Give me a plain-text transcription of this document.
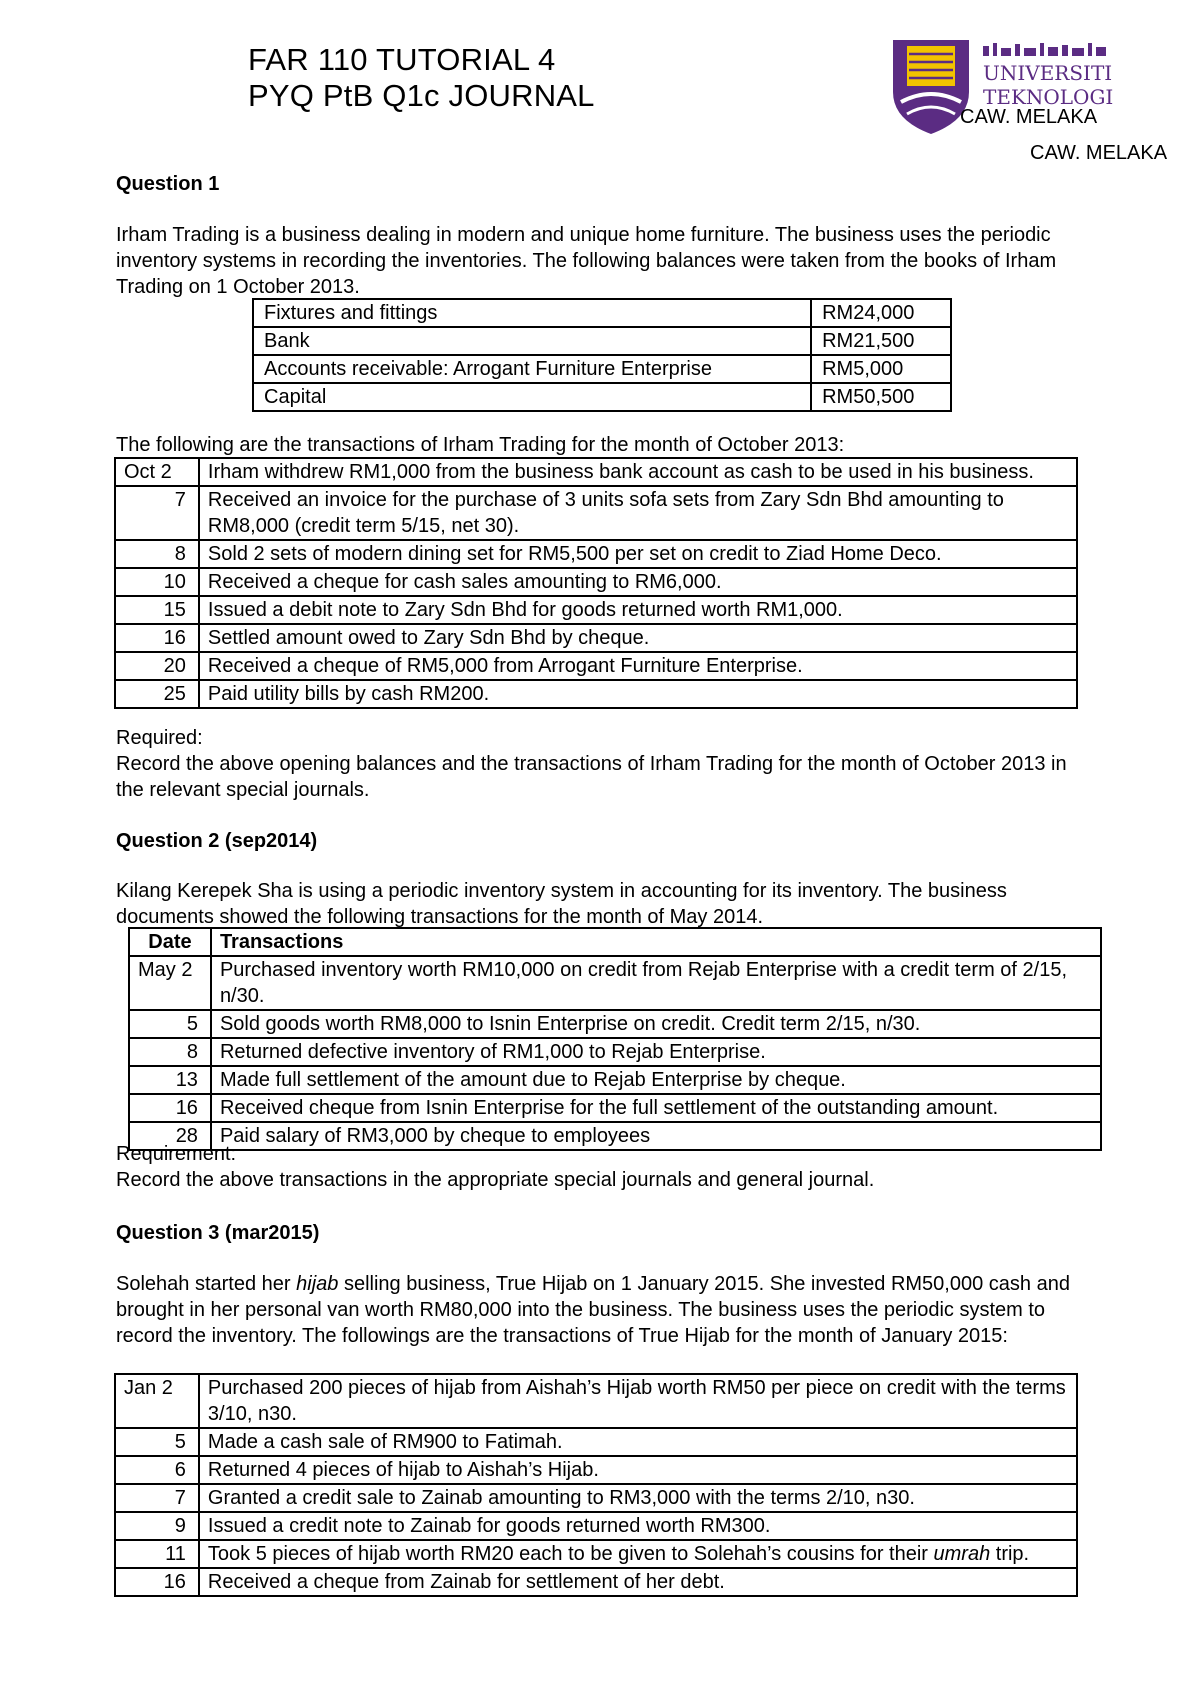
FAR 110 TUTORIAL 4
PYQ PtB Q1c JOURNAL
UNIVERSITI
TEKNOLOGI
CAW. MELAKA
CAW. MELAKA
Question 1

Irham Trading is a business dealing in modern and unique home furniture. The business uses the periodic inventory systems in recording the inventories. The following balances were taken from the books of Irham Trading on 1 October 2013.

Fixtures and fittings	RM24,000
Bank	RM21,500
Accounts receivable: Arrogant Furniture Enterprise	RM5,000
Capital	RM50,500
The following are the transactions of Irham Trading for the month of October 2013:
Oct 2	Irham withdrew RM1,000 from the business bank account as cash to be used in his business.
7	Received an invoice for the purchase of 3 units sofa sets from Zary Sdn Bhd amounting to RM8,000 (credit term 5/15, net 30).
8	Sold 2 sets of modern dining set for RM5,500 per set on credit to Ziad Home Deco.
10	Received a cheque for cash sales amounting to RM6,000.
15	Issued a debit note to Zary Sdn Bhd for goods returned worth RM1,000.
16	Settled amount owed to Zary Sdn Bhd by cheque.
20	Received a cheque of RM5,000 from Arrogant Furniture Enterprise.
25	Paid utility bills by cash RM200.

Required:

Record the above opening balances and the transactions of Irham Trading for the month of October 2013 in the relevant special journals.

Question 2 (sep2014)

Kilang Kerepek Sha is using a periodic inventory system in accounting for its inventory. The business documents showed the following transactions for the month of May 2014.

Date	Transactions
May 2	Purchased inventory worth RM10,000 on credit from Rejab Enterprise with a credit term of 2/15, n/30.
5	Sold goods worth RM8,000 to Isnin Enterprise on credit. Credit term 2/15, n/30.
8	Returned defective inventory of RM1,000 to Rejab Enterprise.
13	Made full settlement of the amount due to Rejab Enterprise by cheque.
16	Received cheque from Isnin Enterprise for the full settlement of the outstanding amount.
28	Paid salary of RM3,000 by cheque to employees

Requirement:

Record the above transactions in the appropriate special journals and general journal.

Question 3 (mar2015)

Solehah started her hijab selling business, True Hijab on 1 January 2015. She invested RM50,000 cash and brought in her personal van worth RM80,000 into the business. The business uses the periodic system to record the inventory. The followings are the transactions of True Hijab for the month of January 2015:

Jan 2	Purchased 200 pieces of hijab from Aishah’s Hijab worth RM50 per piece on credit with the terms 3/10, n30.
5	Made a cash sale of RM900 to Fatimah.
6	Returned 4 pieces of hijab to Aishah’s Hijab.
7	Granted a credit sale to Zainab amounting to RM3,000 with the terms 2/10, n30.
9	Issued a credit note to Zainab for goods returned worth RM300.
11	Took 5 pieces of hijab worth RM20 each to be given to Solehah’s cousins for their umrah trip.
16	Received a cheque from Zainab for settlement of her debt.
